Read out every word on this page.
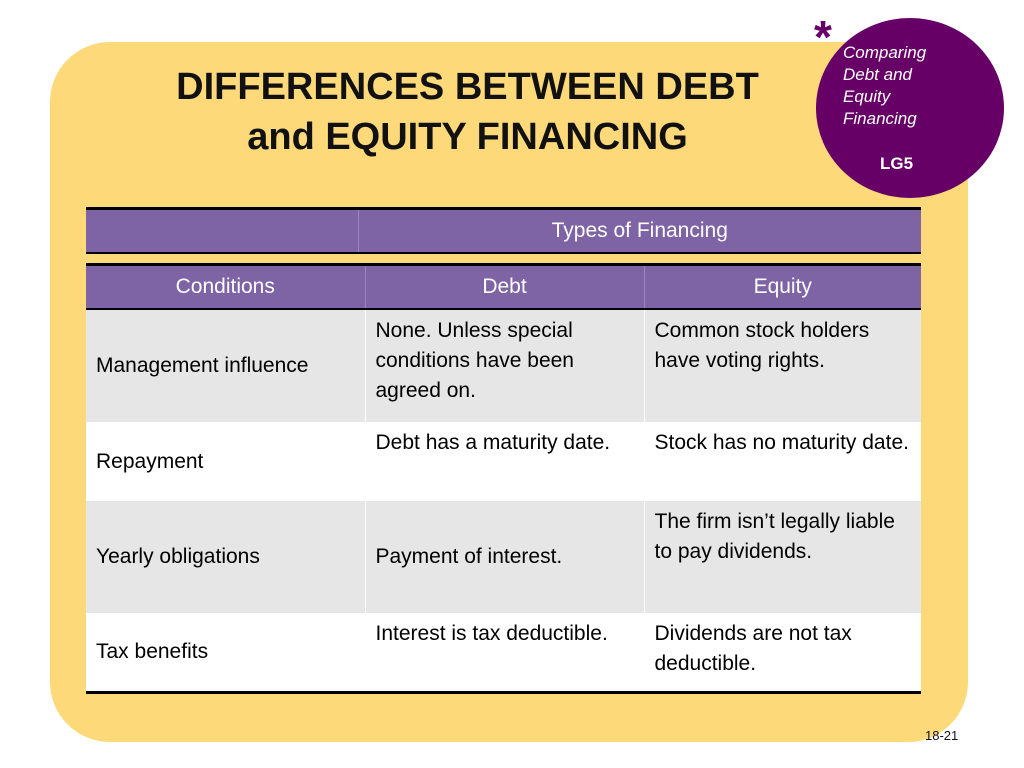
DIFFERENCES BETWEEN DEBT
and EQUITY FINANCING
Comparing
Debt and
Equity
Financing
LG5
*
*
	Types of Financing
Conditions	Debt	Equity
Management influence	None. Unless special conditions have been agreed on.	Common stock holders have voting rights.
Repayment	Debt has a maturity date.	Stock has no maturity date.
Yearly obligations	Payment of interest.	The firm isn’t legally liable to pay dividends.
Tax benefits	Interest is tax deductible.	Dividends are not tax deductible.
18-21
